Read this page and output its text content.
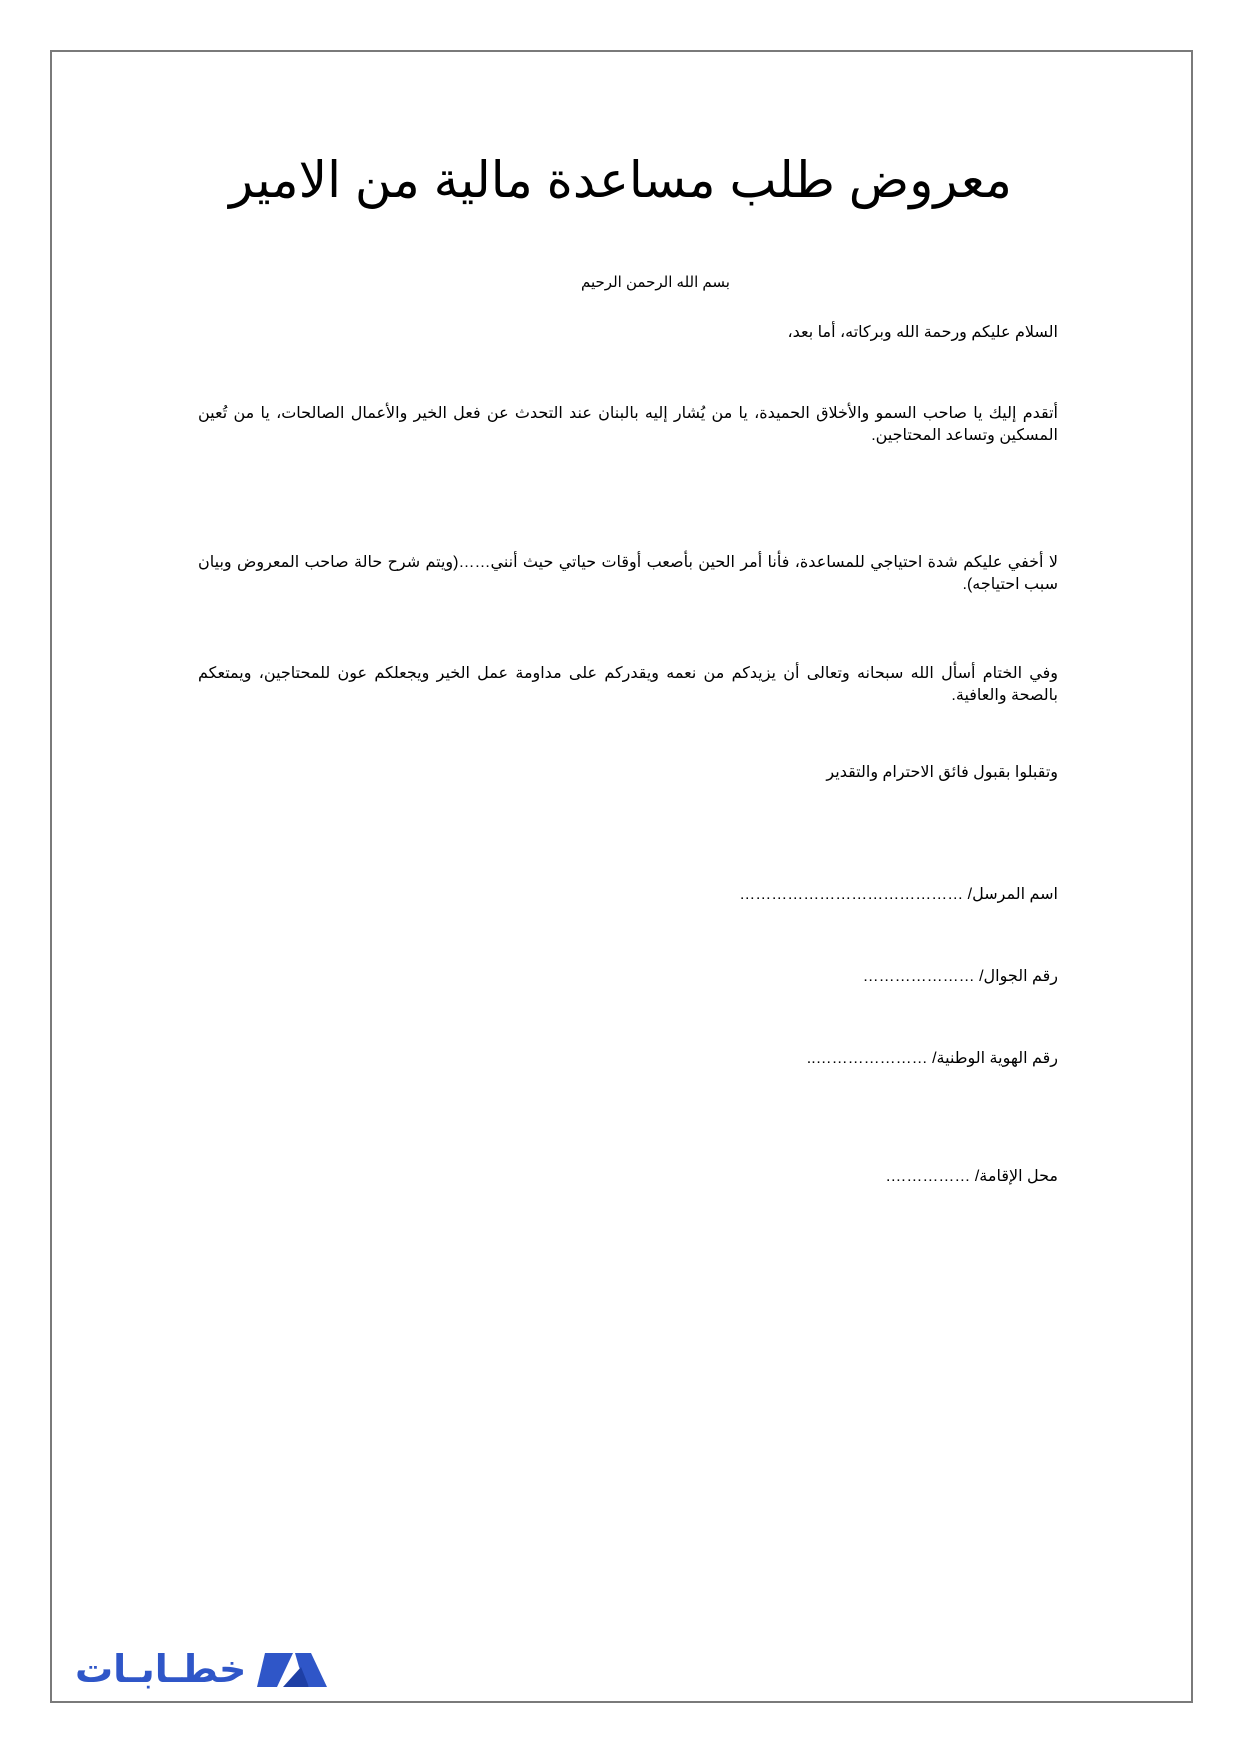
معروض طلب مساعدة مالية من الامير
بسم الله الرحمن الرحيم

السلام عليكم ورحمة الله وبركاته، أما بعد،

أتقدم إليك يا صاحب السمو والأخلاق الحميدة، يا من يُشار إليه بالبنان عند التحدث عن فعل الخير والأعمال الصالحات، يا من تُعين المسكين وتساعد المحتاجين.

لا أخفي عليكم شدة احتياجي للمساعدة، فأنا أمر الحين بأصعب أوقات حياتي حيث أنني……(ويتم شرح حالة صاحب المعروض وبيان سبب احتياجه).

وفي الختام أسأل الله سبحانه وتعالى أن يزيدكم من نعمه ويقدركم على مداومة عمل الخير ويجعلكم عون للمحتاجين، ويمتعكم بالصحة والعافية.

وتقبلوا بقبول فائق الاحترام والتقدير

اسم المرسل/ ……………………………………
رقم الجوال/ …………………
رقم الهوية الوطنية/ …………………..
محل الإقامة/ …………….
خطـابـات
